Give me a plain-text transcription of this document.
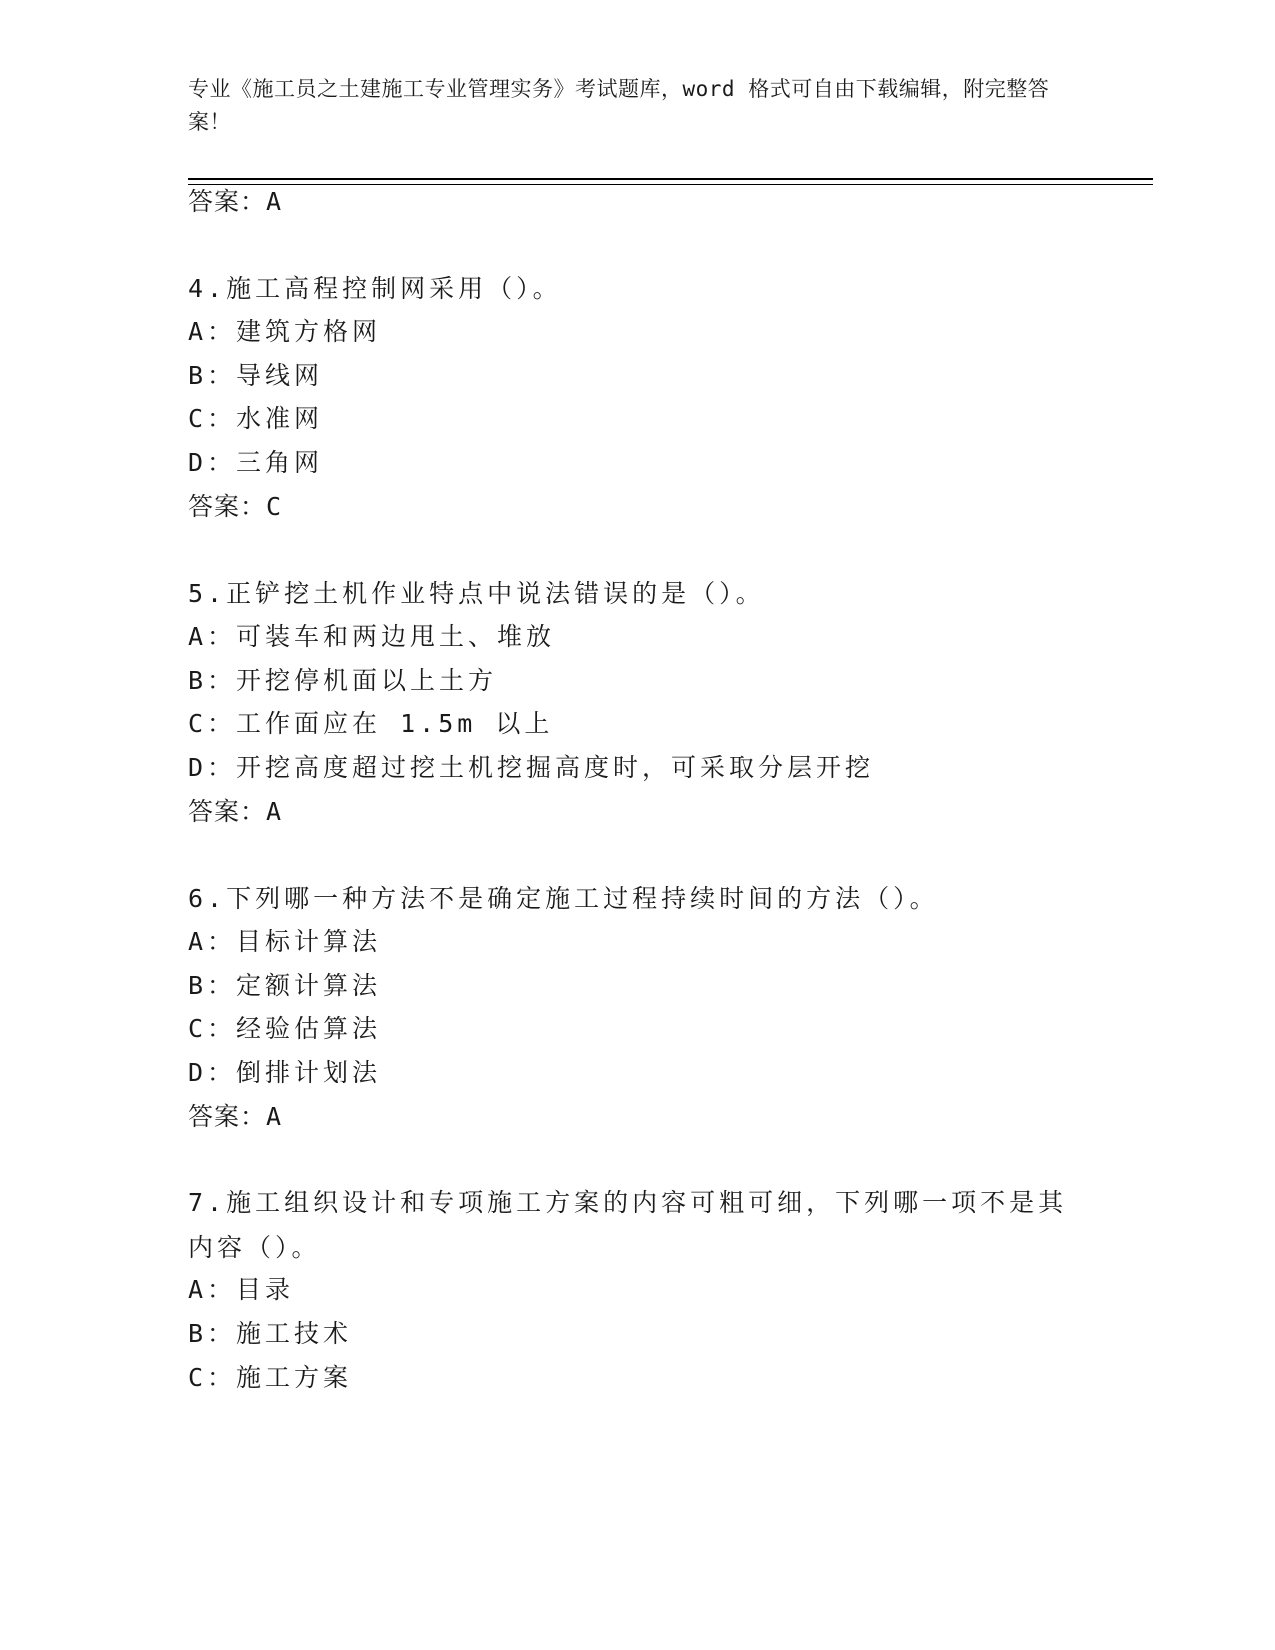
专业《施工员之土建施工专业管理实务》考试题库，word 格式可自由下载编辑，附完整答案！
答案：A
4.施工高程控制网采用（）。
A：建筑方格网
B：导线网
C：水准网
D：三角网
答案：C
5.正铲挖土机作业特点中说法错误的是（）。
A：可装车和两边甩土、堆放
B：开挖停机面以上土方
C：工作面应在 1.5m 以上
D：开挖高度超过挖土机挖掘高度时，可采取分层开挖
答案：A
6.下列哪一种方法不是确定施工过程持续时间的方法（）。
A：目标计算法
B：定额计算法
C：经验估算法
D：倒排计划法
答案：A
7.施工组织设计和专项施工方案的内容可粗可细，下列哪一项不是其内容（）。
A：目录
B：施工技术
C：施工方案
